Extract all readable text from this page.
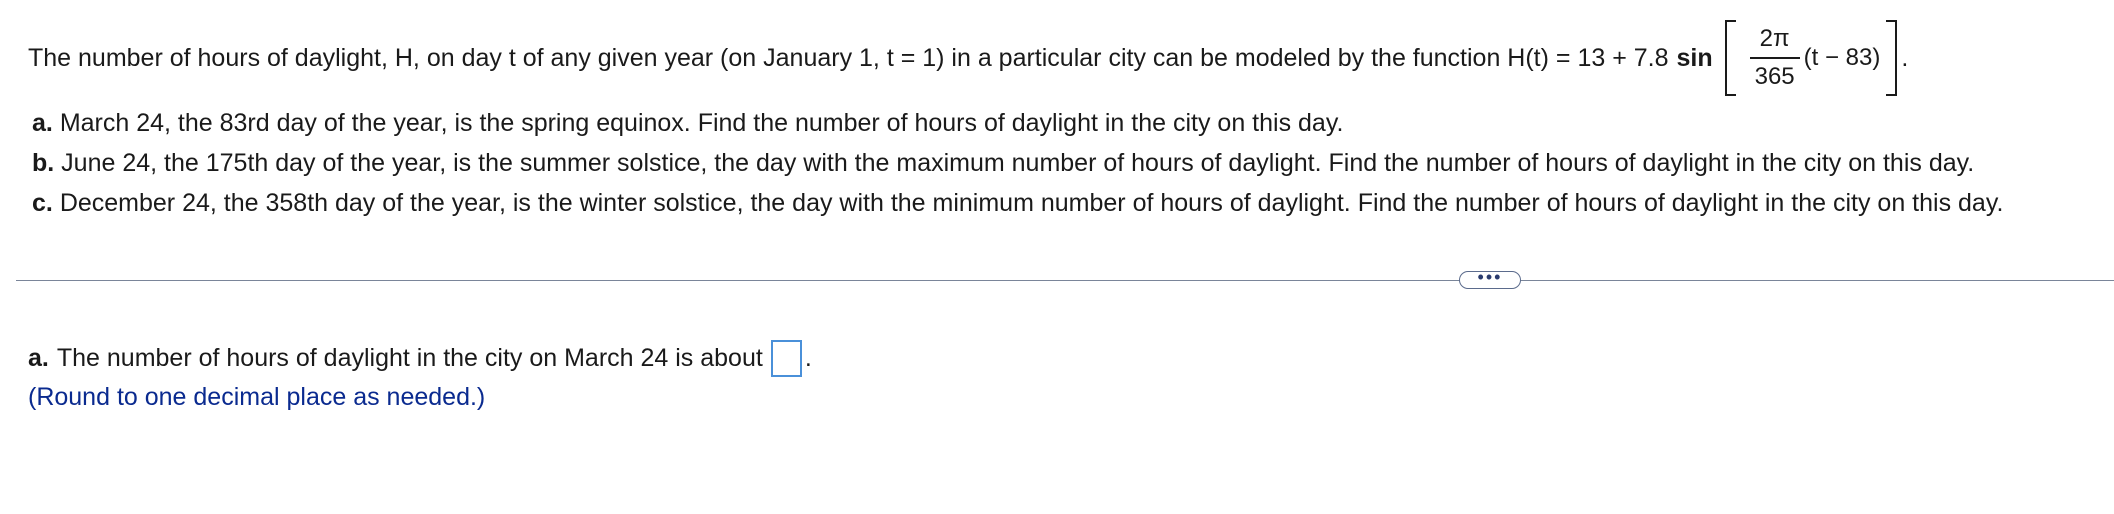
The number of hours of daylight, H, on day t of any given year (on January 1, t = 1) in a particular city can be modeled by the function H(t) = 13 + 7.8 $\sin \frac{2\pi}{365} (t - 83)$ .
a. March 24, the 83rd day of the year, is the spring equinox. Find the number of hours of daylight in the city on this day.
b. June 24, the 175th day of the year, is the summer solstice, the day with the maximum number of hours of daylight. Find the number of hours of daylight in the city on this day.
c. December 24, the 358th day of the year, is the winter solstice, the day with the minimum number of hours of daylight. Find the number of hours of daylight in the city on this day.
•••
a. The number of hours of daylight in the city on March 24 is about .
(Round to one decimal place as needed.)
